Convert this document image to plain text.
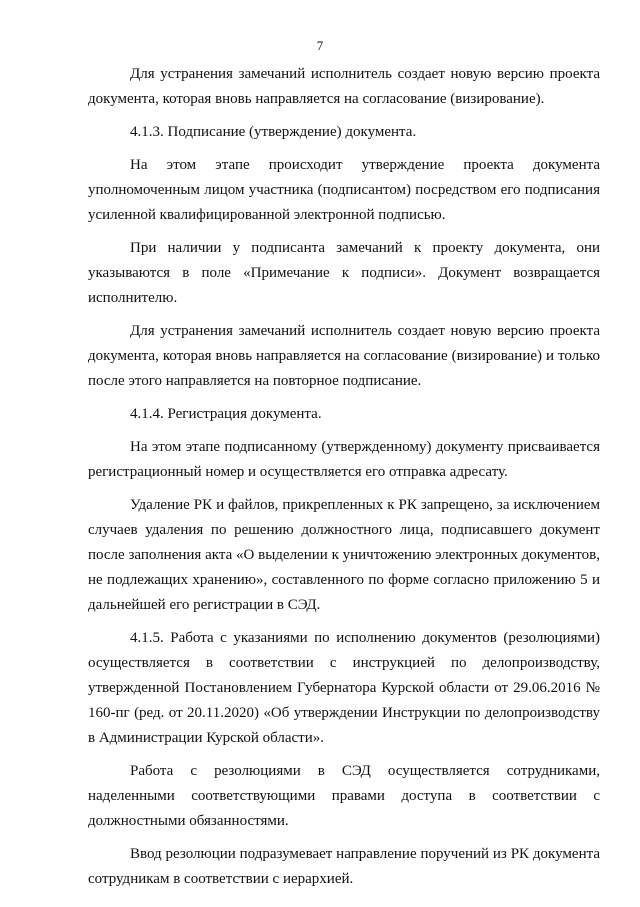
7

Для устранения замечаний исполнитель создает новую версию проекта документа, которая вновь направляется на согласование (визирование).

4.1.3. Подписание (утверждение) документа.

На этом этапе происходит утверждение проекта документа уполномоченным лицом участника (подписантом) посредством его подписания усиленной квалифицированной электронной подписью.

При наличии у подписанта замечаний к проекту документа, они указываются в поле «Примечание к подписи». Документ возвращается исполнителю.

Для устранения замечаний исполнитель создает новую версию проекта документа, которая вновь направляется на согласование (визирование) и только после этого направляется на повторное подписание.

4.1.4. Регистрация документа.

На этом этапе подписанному (утвержденному) документу присваивается регистрационный номер и осуществляется его отправка адресату.

Удаление РК и файлов, прикрепленных к РК запрещено, за исключением случаев удаления по решению должностного лица, подписавшего документ после заполнения акта «О выделении к уничтожению электронных документов, не подлежащих хранению», составленного по форме согласно приложению 5 и дальнейшей его регистрации в СЭД.

4.1.5. Работа с указаниями по исполнению документов (резолюциями) осуществляется в соответствии с инструкцией по делопроизводству, утвержденной Постановлением Губернатора Курской области от 29.06.2016 № 160-пг (ред. от 20.11.2020) «Об утверждении Инструкции по делопроизводству в Администрации Курской области».

Работа с резолюциями в СЭД осуществляется сотрудниками, наделенными соответствующими правами доступа в соответствии с должностными обязанностями.

Ввод резолюции подразумевает направление поручений из РК документа сотрудникам в соответствии с иерархией.
